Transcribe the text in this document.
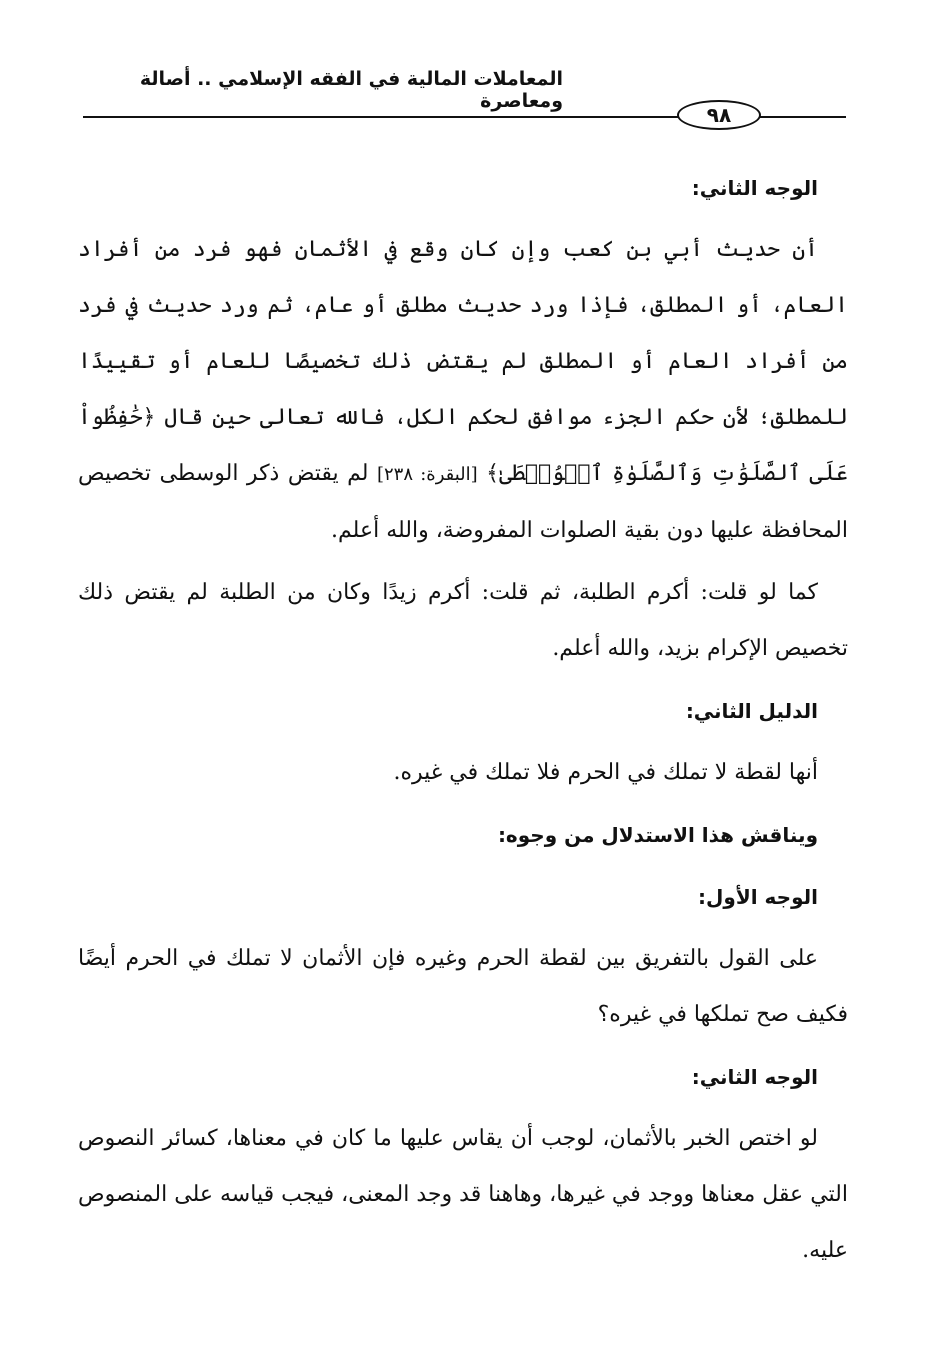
المعاملات المالية في الفقه الإسلامي .. أصالة ومعاصرة
٩٨

الوجه الثاني:

أن حديث أبي بن كعب وإن كان وقع في الأثمان فهو فرد من أفراد العام، أو المطلق، فإذا ورد حديث مطلق أو عام، ثم ورد حديث في فرد من أفراد العام أو المطلق لم يقتض ذلك تخصيصًا للعام أو تقييدًا للمطلق؛ لأن حكم الجزء موافق لحكم الكل، فالله تعالى حين قال ﴿حَٰفِظُواْ عَلَى ٱلصَّلَوَٰتِ وَٱلصَّلَوٰةِ ٱلۡوُسۡطَىٰ﴾ [البقرة: ٢٣٨] لم يقتض ذكر الوسطى تخصيص المحافظة عليها دون بقية الصلوات المفروضة، والله أعلم.

كما لو قلت: أكرم الطلبة، ثم قلت: أكرم زيدًا وكان من الطلبة لم يقتض ذلك تخصيص الإكرام بزيد، والله أعلم.

الدليل الثاني:

أنها لقطة لا تملك في الحرم فلا تملك في غيره.

ويناقش هذا الاستدلال من وجوه:

الوجه الأول:

على القول بالتفريق بين لقطة الحرم وغيره فإن الأثمان لا تملك في الحرم أيضًا فكيف صح تملكها في غيره؟

الوجه الثاني:

لو اختص الخبر بالأثمان، لوجب أن يقاس عليها ما كان في معناها، كسائر النصوص التي عقل معناها ووجد في غيرها، وهاهنا قد وجد المعنى، فيجب قياسه على المنصوص عليه.
